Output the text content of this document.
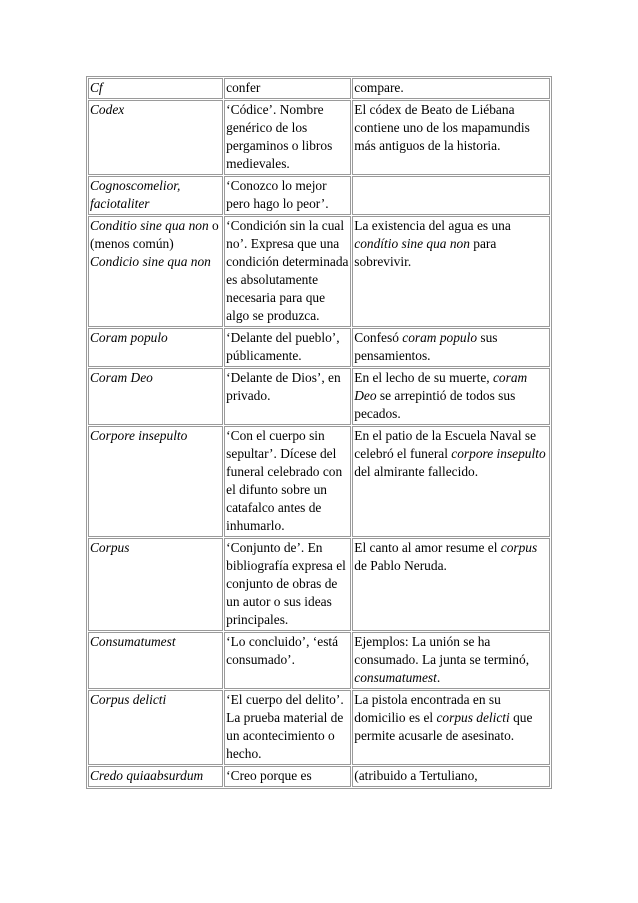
Cf	confer	compare.
Codex	‘Códice’. Nombre genérico de los pergaminos o libros medievales.	El códex de Beato de Liébana contiene uno de los mapamundis más antiguos de la historia.
Cognoscomelior, faciotaliter	‘Conozco lo mejor pero hago lo peor’.	
Conditio sine qua non o (menos común) Condicio sine qua non	‘Condición sin la cual no’. Expresa que una condición determinada es absolutamente necesaria para que algo se produzca.	La existencia del agua es una condítio sine qua non para sobrevivir.
Coram populo	‘Delante del pueblo’, públicamente.	Confesó coram populo sus pensamientos.
Coram Deo	‘Delante de Dios’, en privado.	En el lecho de su muerte, coram Deo se arrepintió de todos sus pecados.
Corpore insepulto	‘Con el cuerpo sin sepultar’. Dícese del funeral celebrado con el difunto sobre un catafalco antes de inhumarlo.	En el patio de la Escuela Naval se celebró el funeral corpore insepulto del almirante fallecido.
Corpus	‘Conjunto de’. En bibliografía expresa el conjunto de obras de un autor o sus ideas principales.	El canto al amor resume el corpus de Pablo Neruda.
Consumatumest	‘Lo concluido’, ‘está consumado’.	Ejemplos: La unión se ha consumado. La junta se terminó, consumatumest.
Corpus delicti	‘El cuerpo del delito’. La prueba material de un acontecimiento o hecho.	La pistola encontrada en su domicilio es el corpus delicti que permite acusarle de asesinato.
Credo quiaabsurdum	‘Creo porque es	(atribuido a Tertuliano,
